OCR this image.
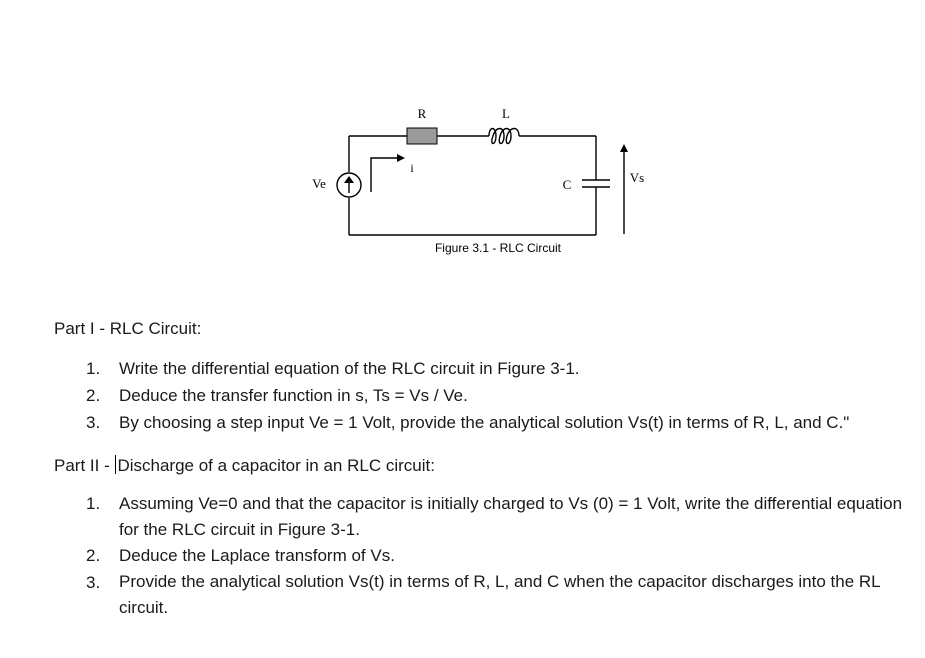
R	L
C
i
Ve	Vs
Figure 3.1 - RLC Circuit
Part I - RLC Circuit:
1. Write the differential equation of the RLC circuit in Figure 3-1.
2. Deduce the transfer function in s, Ts = Vs / Ve.
3. By choosing a step input Ve = 1 Volt, provide the analytical solution Vs(t) in terms of R, L, and C."
Part II - Discharge of a capacitor in an RLC circuit:
1. Assuming Ve=0 and that the capacitor is initially charged to Vs (0) = 1 Volt, write the differential equation for the RLC circuit in Figure 3-1.
2. Deduce the Laplace transform of Vs.
3. Provide the analytical solution Vs(t) in terms of R, L, and C when the capacitor discharges into the RL circuit.
